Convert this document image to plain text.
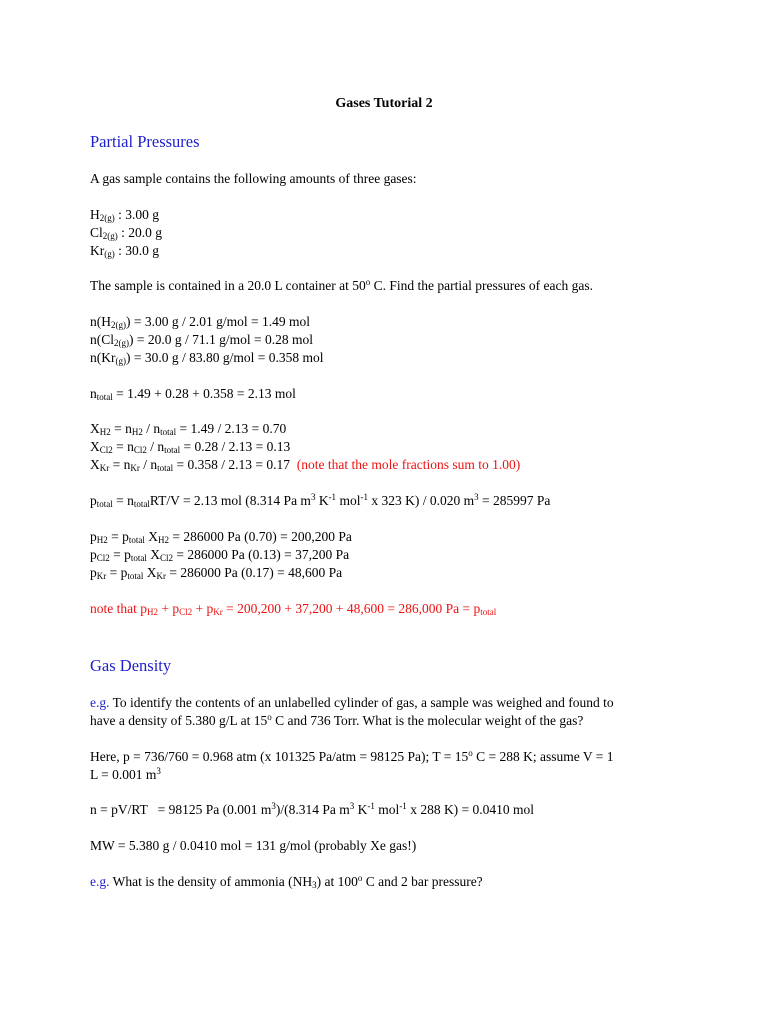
Gases Tutorial 2
Partial Pressures
A gas sample contains the following amounts of three gases:
$H_{2(g)}$ : 3.00 g
$Cl_{2(g)}$ : 20.0 g
$Kr_{(g)}$ : 30.0 g
The sample is contained in a 20.0 L container at 50$^o$ C. Find the partial pressures of each gas.
$n(H_{2(g)}) = 3.00$ g / 2.01 g/mol = 1.49 mol
$n(Cl_{2(g)}) = 20.0$ g / 71.1 g/mol = 0.28 mol
$n(Kr_{(g)}) = 30.0$ g / 83.80 g/mol = 0.358 mol
$n_{total} = 1.49 + 0.28 + 0.358 = 2.13$ mol
$X_{H2} = n_{H2} / n_{total} = 1.49 / 2.13 = 0.70$
$X_{Cl2} = n_{Cl2} / n_{total} = 0.28 / 2.13 = 0.13$
$X_{Kr} = n_{Kr} / n_{total} = 0.358 / 2.13 = 0.17$ (note that the mole fractions sum to 1.00)
$p_{total} = n_{total}RT/V = 2.13$ mol (8.314 Pa $m^3$ $K^{-1}$ mol$^{-1}$ x 323 K) / 0.020 $m^3 = 285997$ Pa
$p_{H2} = p_{total}$ $X_{H2} = 286000$ Pa (0.70) = 200,200 Pa
$p_{Cl2} = p_{total}$ $X_{Cl2} = 286000$ Pa (0.13) = 37,200 Pa
$p_{Kr} = p_{total}$ $X_{Kr} = 286000$ Pa (0.17) = 48,600 Pa
note that $p_{H2} + p_{Cl2} + p_{Kr} = 200,200 + 37,200 + 48,600 = 286,000$ $Pa = p_{total}$
Gas Density
e.g. To identify the contents of an unlabelled cylinder of gas, a sample was weighed and found to
have a density of 5.380 g/L at 15$^o$ C and 736 Torr. What is the molecular weight of the gas?
Here, p = 736/760 = 0.968 atm (x 101325 Pa/atm = 98125 Pa); $T = 15^o$ C = 288 K; assume V = 1
L = 0.001 $m^3$
n = pV/RT   = 98125 Pa (0.001 $m^3)/(8.314$ Pa $m^3$ $K^{-1}$ mol$^{-1}$ x 288 K) = 0.0410 mol
MW = 5.380 g / 0.0410 mol = 131 g/mol (probably Xe gas!)
e.g. What is the density of ammonia $(NH_3)$ at 100$^o$ C and 2 bar pressure?
